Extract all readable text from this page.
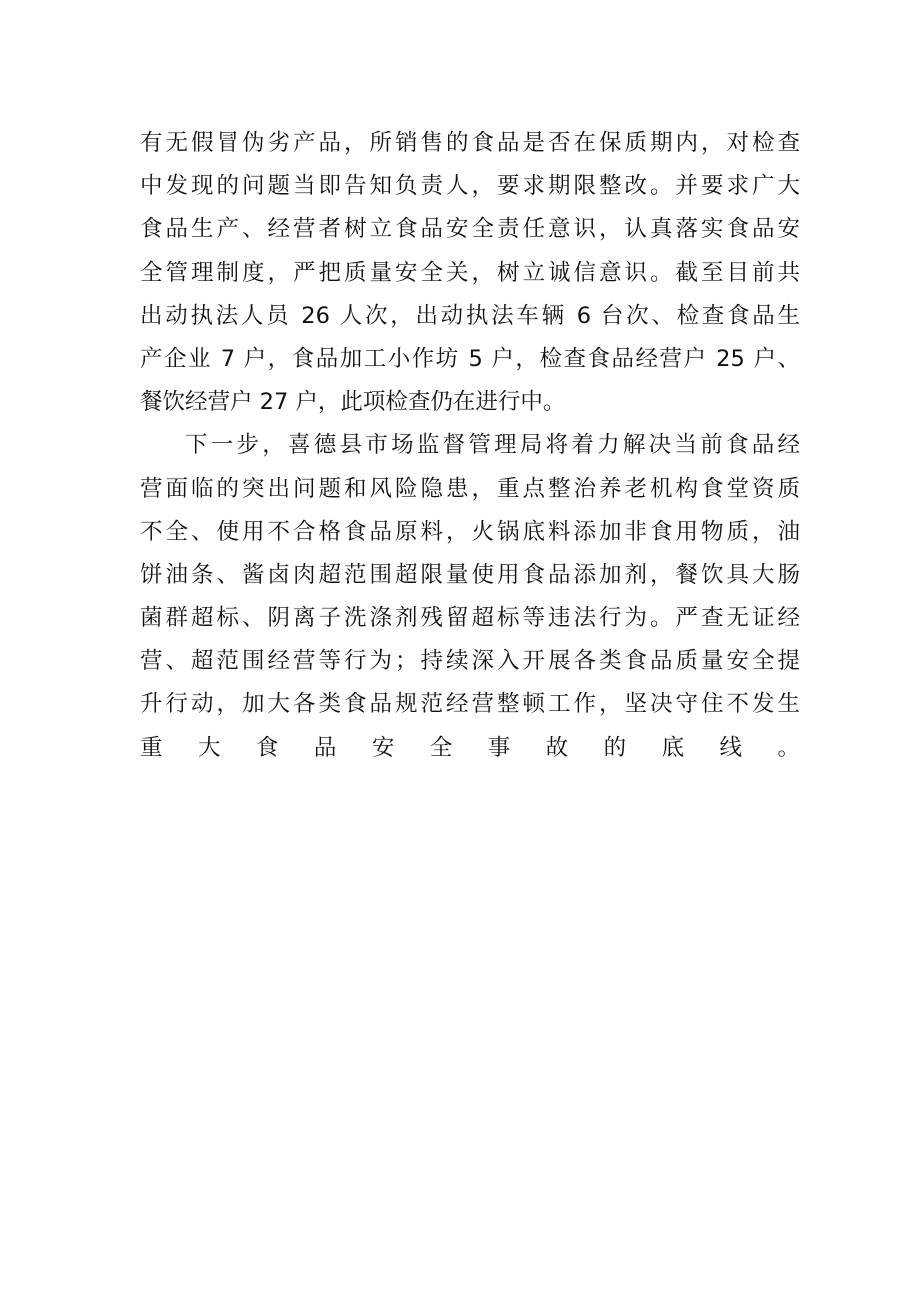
有无假冒伪劣产品，所销售的食品是否在保质期内，对检查
中发现的问题当即告知负责人，要求期限整改。并要求广大
食品生产、经营者树立食品安全责任意识，认真落实食品安
全管理制度，严把质量安全关，树立诚信意识。截至目前共
出动执法人员 26 人次，出动执法车辆 6 台次、检查食品生
产企业 7 户，食品加工小作坊 5 户，检查食品经营户 25 户、
餐饮经营户 27 户，此项检查仍在进行中。
下一步，喜德县市场监督管理局将着力解决当前食品经
营面临的突出问题和风险隐患，重点整治养老机构食堂资质
不全、使用不合格食品原料，火锅底料添加非食用物质，油
饼油条、酱卤肉超范围超限量使用食品添加剂，餐饮具大肠
菌群超标、阴离子洗涤剂残留超标等违法行为。严查无证经
营、超范围经营等行为；持续深入开展各类食品质量安全提
升行动，加大各类食品规范经营整顿工作，坚决守住不发生
重大食品安全事故的底线。
